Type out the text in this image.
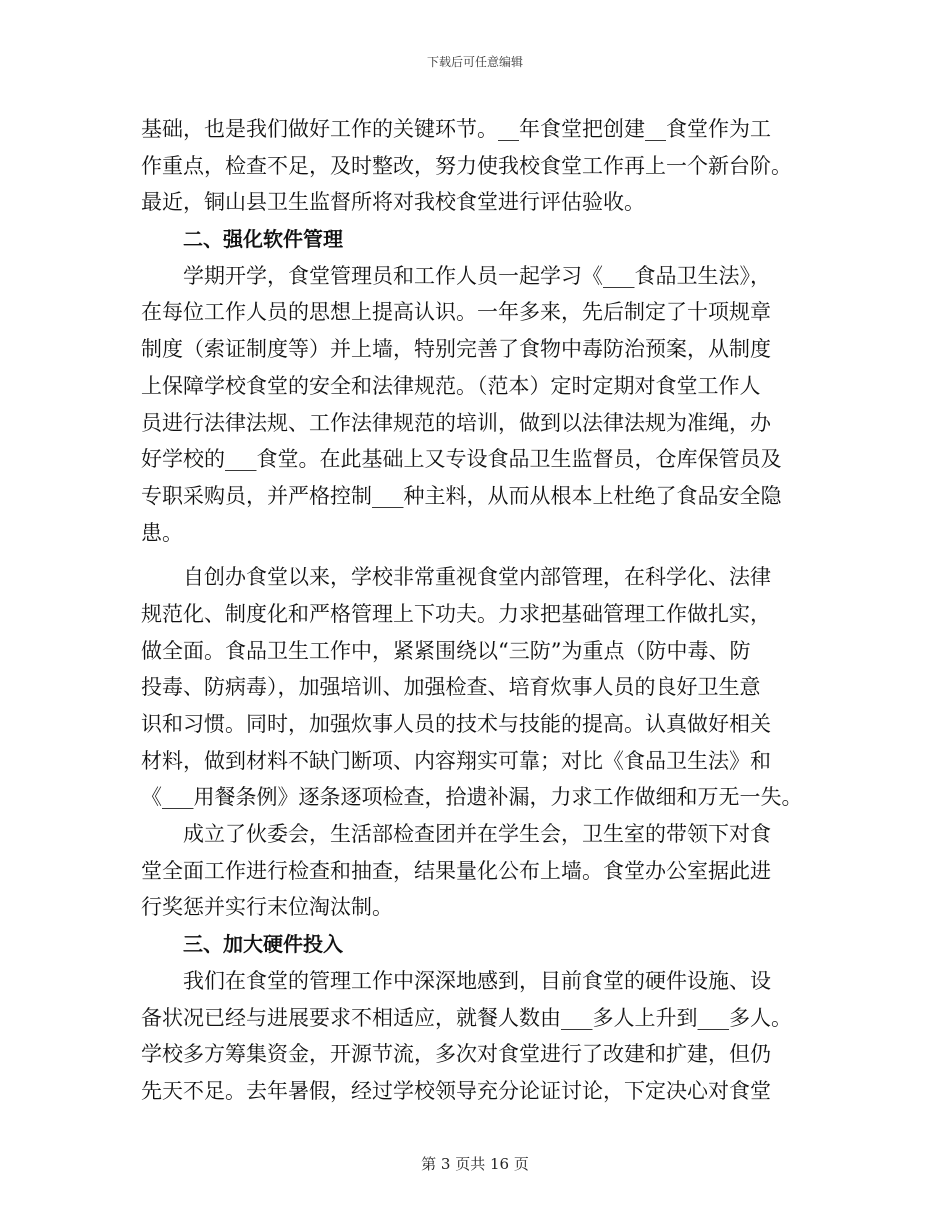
下载后可任意编辑
基础，也是我们做好工作的关键环节。__年食堂把创建__食堂作为工
作重点，检查不足，及时整改，努力使我校食堂工作再上一个新台阶。
最近，铜山县卫生监督所将对我校食堂进行评估验收。
二、强化软件管理
学期开学，食堂管理员和工作人员一起学习《___食品卫生法》，
在每位工作人员的思想上提高认识。一年多来，先后制定了十项规章
制度（索证制度等）并上墙，特别完善了食物中毒防治预案，从制度
上保障学校食堂的安全和法律规范。（范本）定时定期对食堂工作人
员进行法律法规、工作法律规范的培训，做到以法律法规为准绳，办
好学校的___食堂。在此基础上又专设食品卫生监督员，仓库保管员及
专职采购员，并严格控制___种主料，从而从根本上杜绝了食品安全隐
患。
自创办食堂以来，学校非常重视食堂内部管理，在科学化、法律
规范化、制度化和严格管理上下功夫。力求把基础管理工作做扎实，
做全面。食品卫生工作中，紧紧围绕以“三防”为重点（防中毒、防
投毒、防病毒），加强培训、加强检查、培育炊事人员的良好卫生意
识和习惯。同时，加强炊事人员的技术与技能的提高。认真做好相关
材料，做到材料不缺门断项、内容翔实可靠；对比《食品卫生法》和
《___用餐条例》逐条逐项检查，拾遗补漏，力求工作做细和万无一失。
成立了伙委会，生活部检查团并在学生会，卫生室的带领下对食
堂全面工作进行检查和抽查，结果量化公布上墙。食堂办公室据此进
行奖惩并实行末位淘汰制。
三、加大硬件投入
我们在食堂的管理工作中深深地感到，目前食堂的硬件设施、设
备状况已经与进展要求不相适应，就餐人数由___多人上升到___多人。
学校多方筹集资金，开源节流，多次对食堂进行了改建和扩建，但仍
先天不足。去年暑假，经过学校领导充分论证讨论，下定决心对食堂
第 3 页共 16 页
